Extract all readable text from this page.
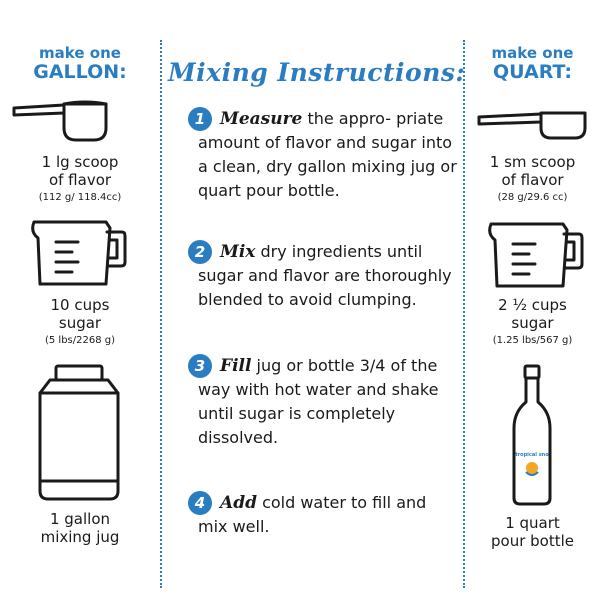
make one
GALLON:
1 lg scoop
of flavor
(112 g/ 118.4cc)
10 cups
sugar
(5 lbs/2268 g)
1 gallon
mixing jug
Mixing Instructions:
1 Measure the appro- priate amount of flavor and sugar into a clean, dry gallon mixing jug or quart pour bottle.

2 Mix dry ingredients until sugar and flavor are thoroughly blended to avoid clumping.

3 Fill jug or bottle 3/4 of the way with hot water and shake until sugar is completely dissolved.

4 Add cold water to fill and mix well.

make one
QUART:
1 sm scoop
of flavor
(28 g/29.6 cc)
2 ½ cups
sugar
(1.25 lbs/567 g)
tropical sno
1 quart
pour bottle
